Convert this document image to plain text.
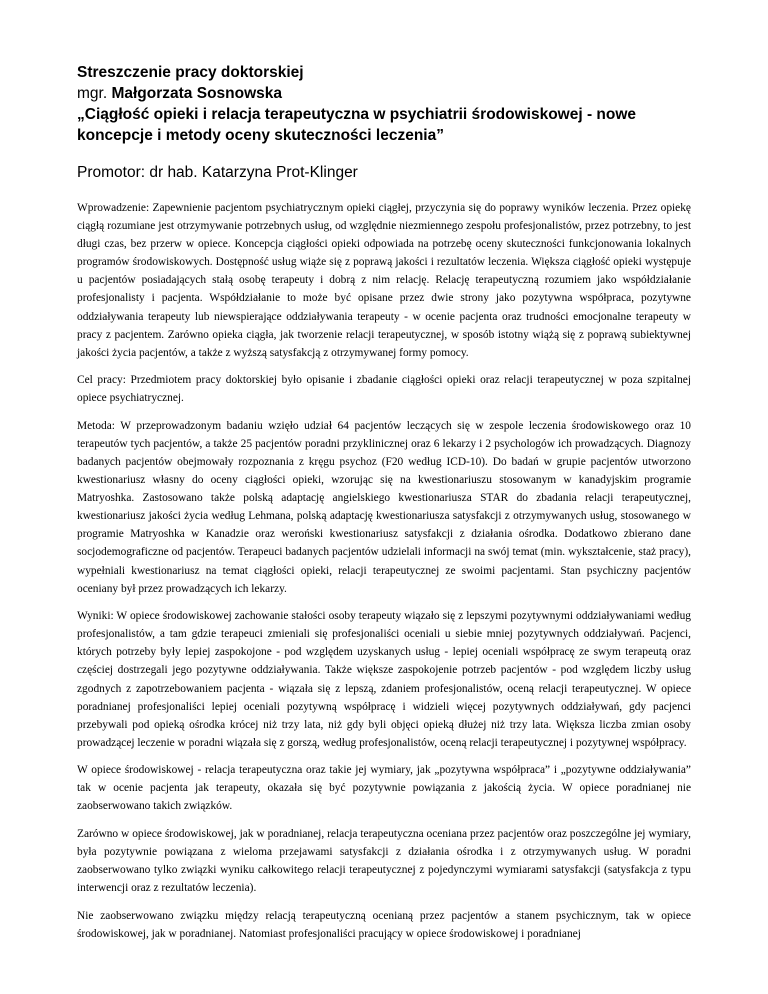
Streszczenie pracy doktorskiej
mgr. Małgorzata Sosnowska
„Ciągłość opieki i relacja terapeutyczna w psychiatrii środowiskowej - nowe koncepcje i metody oceny skuteczności leczenia”
Promotor: dr hab. Katarzyna Prot-Klinger

Wprowadzenie: Zapewnienie pacjentom psychiatrycznym opieki ciągłej, przyczynia się do poprawy wyników leczenia. Przez opiekę ciągłą rozumiane jest otrzymywanie potrzebnych usług, od względnie niezmiennego zespołu profesjonalistów, przez potrzebny, to jest długi czas, bez przerw w opiece. Koncepcja ciągłości opieki odpowiada na potrzebę oceny skuteczności funkcjonowania lokalnych programów środowiskowych. Dostępność usług wiąże się z poprawą jakości i rezultatów leczenia. Większa ciągłość opieki występuje u pacjentów posiadających stałą osobę terapeuty i dobrą z nim relację. Relację terapeutyczną rozumiem jako współdziałanie profesjonalisty i pacjenta. Współdziałanie to może być opisane przez dwie strony jako pozytywna współpraca, pozytywne oddziaływania terapeuty lub niewspierające oddziaływania terapeuty - w ocenie pacjenta oraz trudności emocjonalne terapeuty w pracy z pacjentem. Zarówno opieka ciągła, jak tworzenie relacji terapeutycznej, w sposób istotny wiążą się z poprawą subiektywnej jakości życia pacjentów, a także z wyższą satysfakcją z otrzymywanej formy pomocy.

Cel pracy: Przedmiotem pracy doktorskiej było opisanie i zbadanie ciągłości opieki oraz relacji terapeutycznej w poza szpitalnej opiece psychiatrycznej.

Metoda: W przeprowadzonym badaniu wzięło udział 64 pacjentów leczących się w zespole leczenia środowiskowego oraz 10 terapeutów tych pacjentów, a także 25 pacjentów poradni przyklinicznej oraz 6 lekarzy i 2 psychologów ich prowadzących. Diagnozy badanych pacjentów obejmowały rozpoznania z kręgu psychoz (F20 według ICD-10). Do badań w grupie pacjentów utworzono kwestionariusz własny do oceny ciągłości opieki, wzorując się na kwestionariuszu stosowanym w kanadyjskim programie Matryoshka. Zastosowano także polską adaptację angielskiego kwestionariusza STAR do zbadania relacji terapeutycznej, kwestionariusz jakości życia według Lehmana, polską adaptację kwestionariusza satysfakcji z otrzymywanych usług, stosowanego w programie Matryoshka w Kanadzie oraz weroński kwestionariusz satysfakcji z działania ośrodka. Dodatkowo zbierano dane socjodemograficzne od pacjentów. Terapeuci badanych pacjentów udzielali informacji na swój temat (min. wykształcenie, staż pracy), wypełniali kwestionariusz na temat ciągłości opieki, relacji terapeutycznej ze swoimi pacjentami. Stan psychiczny pacjentów oceniany był przez prowadzących ich lekarzy.

Wyniki: W opiece środowiskowej zachowanie stałości osoby terapeuty wiązało się z lepszymi pozytywnymi oddziaływaniami według profesjonalistów, a tam gdzie terapeuci zmieniali się profesjonaliści oceniali u siebie mniej pozytywnych oddziaływań. Pacjenci, których potrzeby były lepiej zaspokojone - pod względem uzyskanych usług - lepiej oceniali współpracę ze swym terapeutą oraz częściej dostrzegali jego pozytywne oddziaływania. Także większe zaspokojenie potrzeb pacjentów - pod względem liczby usług zgodnych z zapotrzebowaniem pacjenta - wiązała się z lepszą, zdaniem profesjonalistów, oceną relacji terapeutycznej. W opiece poradnianej profesjonaliści lepiej oceniali pozytywną współpracę i widzieli więcej pozytywnych oddziaływań, gdy pacjenci przebywali pod opieką ośrodka krócej niż trzy lata, niż gdy byli objęci opieką dłużej niż trzy lata. Większa liczba zmian osoby prowadzącej leczenie w poradni wiązała się z gorszą, według profesjonalistów, oceną relacji terapeutycznej i pozytywnej współpracy.

W opiece środowiskowej - relacja terapeutyczna oraz takie jej wymiary, jak „pozytywna współpraca” i „pozytywne oddziaływania” tak w ocenie pacjenta jak terapeuty, okazała się być pozytywnie powiązania z jakością życia. W opiece poradnianej nie zaobserwowano takich związków.

Zarówno w opiece środowiskowej, jak w poradnianej, relacja terapeutyczna oceniana przez pacjentów oraz poszczególne jej wymiary, była pozytywnie powiązana z wieloma przejawami satysfakcji z działania ośrodka i z otrzymywanych usług. W poradni zaobserwowano tylko związki wyniku całkowitego relacji terapeutycznej z pojedynczymi wymiarami satysfakcji (satysfakcja z typu interwencji oraz z rezultatów leczenia).

Nie zaobserwowano związku między relacją terapeutyczną ocenianą przez pacjentów a stanem psychicznym, tak w opiece środowiskowej, jak w poradnianej. Natomiast profesjonaliści pracujący w opiece środowiskowej i poradnianej
